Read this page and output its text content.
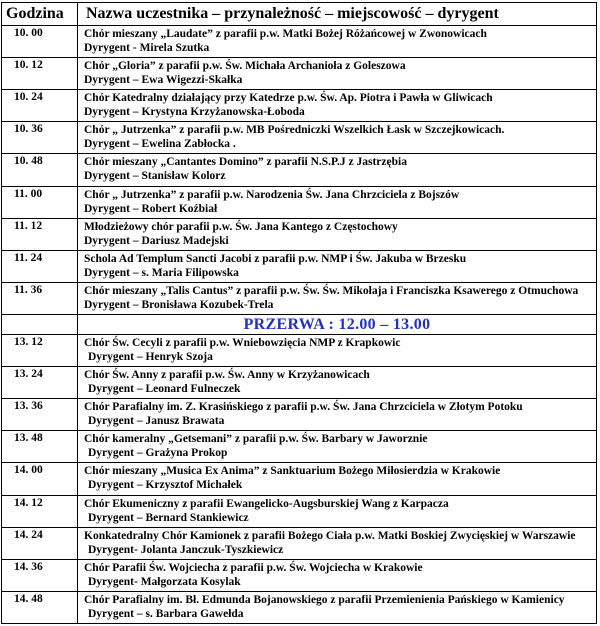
Godzina	Nazwa uczestnika – przynależność – miejscowość – dyrygent
10. 00	Chór mieszany „Laudate” z parafii p.w. Matki Bożej Różańcowej w Zwonowicach
Dyrygent - Mirela Szutka

10. 12	Chór „Gloria” z parafii p.w. Św. Michała Archanioła z Goleszowa
Dyrygent – Ewa Wigezzi-Skałka

10. 24	Chór Katedralny działający przy Katedrze p.w. Św. Ap. Piotra i Pawła w Gliwicach
Dyrygent – Krystyna Krzyżanowska-Łoboda

10. 36	Chór „ Jutrzenka” z parafii p.w. MB Pośredniczki Wszelkich Łask w Szczejkowicach.
Dyrygent – Ewelina Zabłocka .

10. 48	Chór mieszany „Cantantes Domino” z parafii N.S.P.J z Jastrzębia
Dyrygent – Stanisław Kolorz

11. 00	Chór „ Jutrzenka” z parafii p.w. Narodzenia Św. Jana Chrzciciela z Bojszów
Dyrygent – Robert Koźbiał

11. 12	Młodzieżowy chór parafii p.w. Św. Jana Kantego z Częstochowy
Dyrygent – Dariusz Madejski

11. 24	Schola Ad Templum Sancti Jacobi z parafii p.w. NMP i Św. Jakuba w Brzesku
Dyrygent – s. Maria Filipowska

11. 36	Chór mieszany „Talis Cantus” z parafii p.w. Św. Św. Mikołaja i Franciszka Ksawerego z Otmuchowa
Dyrygent – Bronisława Kozubek-Trela

	PRZERWA : 12.00 – 13.00
13. 12	Chór Św. Cecyli z parafii p.w. Wniebowzięcia NMP z Krapkowic
Dyrygent – Henryk Szoja

13. 24	Chór Św. Anny z parafii p.w. Św. Anny w Krzyżanowicach
Dyrygent – Leonard Fulneczek

13. 36	Chór Parafialny im. Z. Krasińskiego z parafii p.w. Św. Jana Chrzciciela w Złotym Potoku
Dyrygent – Janusz Brawata

13. 48	Chór kameralny „Getsemani” z parafii p.w. Św. Barbary w Jaworznie
Dyrygent – Grażyna Prokop

14. 00	Chór mieszany „Musica Ex Anima” z Sanktuarium Bożego Miłosierdzia w Krakowie
Dyrygent – Krzysztof Michałek

14. 12	Chór Ekumeniczny z parafii Ewangelicko-Augsburskiej Wang z Karpacza
Dyrygent – Bernard Stankiewicz

14. 24	Konkatedralny Chór Kamionek z parafii Bożego Ciała p.w. Matki Boskiej Zwycięskiej w Warszawie
Dyrygent- Jolanta Janczuk-Tyszkiewicz

14. 36	Chór Parafii Św. Wojciecha z parafii p.w. Św. Wojciecha w Krakowie
Dyrygent- Małgorzata Kosylak

14. 48	Chór Parafialny im. Bł. Edmunda Bojanowskiego z parafii Przemienienia Pańskiego w Kamienicy
Dyrygent – s. Barbara Gawełda
